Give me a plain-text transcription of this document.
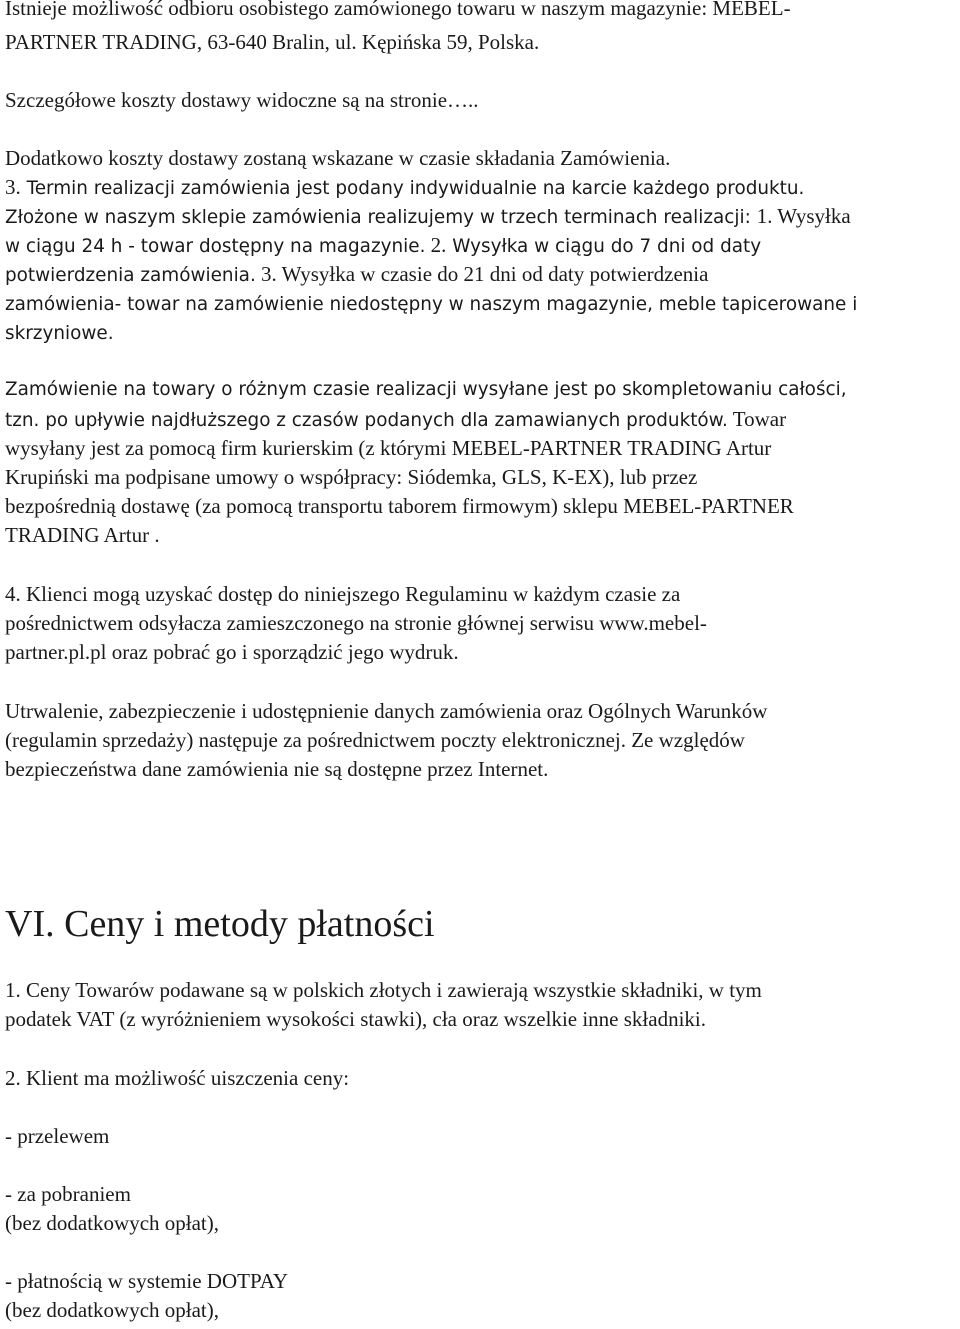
Istnieje możliwość odbioru osobistego zamówionego towaru w naszym magazynie: MEBEL-

PARTNER TRADING, 63-640 Bralin, ul. Kępińska 59, Polska.

Szczegółowe koszty dostawy widoczne są na stronie…..

Dodatkowo koszty dostawy zostaną wskazane w czasie składania Zamówienia.

3. Termin realizacji zamówienia jest podany indywidualnie na karcie każdego produktu.

Złożone w naszym sklepie zamówienia realizujemy w trzech terminach realizacji: 1. Wysyłka

w ciągu 24 h - towar dostępny na magazynie. 2. Wysyłka w ciągu do 7 dni od daty

potwierdzenia zamówienia. 3. Wysyłka w czasie do 21 dni od daty potwierdzenia

zamówienia- towar na zamówienie niedostępny w naszym magazynie, meble tapicerowane i

skrzyniowe.

Zamówienie na towary o różnym czasie realizacji wysyłane jest po skompletowaniu całości,

tzn. po upływie najdłuższego z czasów podanych dla zamawianych produktów. Towar

wysyłany jest za pomocą firm kurierskim (z którymi MEBEL-PARTNER TRADING Artur

Krupiński ma podpisane umowy o współpracy: Siódemka, GLS, K-EX), lub przez

bezpośrednią dostawę (za pomocą transportu taborem firmowym) sklepu MEBEL-PARTNER

TRADING Artur .

4. Klienci mogą uzyskać dostęp do niniejszego Regulaminu w każdym czasie za

pośrednictwem odsyłacza zamieszczonego na stronie głównej serwisu www.mebel-

partner.pl.pl oraz pobrać go i sporządzić jego wydruk.

Utrwalenie, zabezpieczenie i udostępnienie danych zamówienia oraz Ogólnych Warunków

(regulamin sprzedaży) następuje za pośrednictwem poczty elektronicznej. Ze względów

bezpieczeństwa dane zamówienia nie są dostępne przez Internet.

VI. Ceny i metody płatności

1. Ceny Towarów podawane są w polskich złotych i zawierają wszystkie składniki, w tym

podatek VAT (z wyróżnieniem wysokości stawki), cła oraz wszelkie inne składniki.

2. Klient ma możliwość uiszczenia ceny:

- przelewem

- za pobraniem

(bez dodatkowych opłat),

- płatnością w systemie DOTPAY

(bez dodatkowych opłat),
